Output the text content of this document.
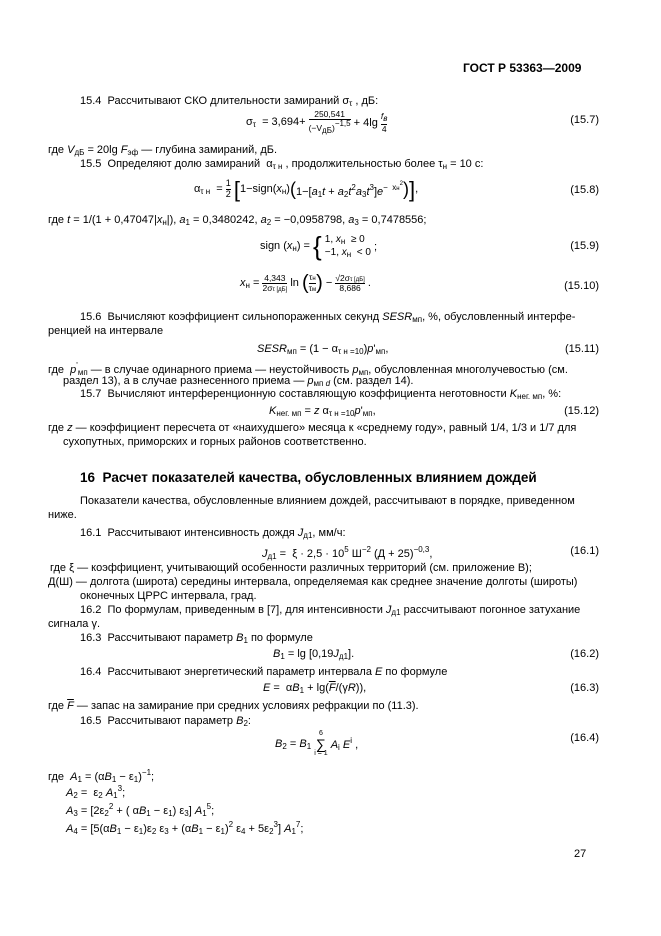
ГОСТ Р 53363—2009
15.4  Рассчитывают СКО длительности замираний $\sigma_\tau$ , дБ:
$\sigma_\tau = 3,694+$
250,541
(−VдБ)−1,5 + 4lg
fв
4
(15.7)
где $V_{дБ} = 20\lg$ $F_{эф}$ — глубина замираний, дБ.
15.5  Определяют долю замираний  $\alpha_{\tau н}$ , продолжительностью более $\tau_н = 10$ с:
$\alpha_{\tau н} = \frac{1}{2}$ $[1-sign(x_н)(1-[a_1t + a_2t^2a_3t^3]e^{- xн^2})]$,	(15.8)
где $t = 1/(1 + 0,47047|x_н|)$, $a_1 = 0,3480242$, $a_2 = -0,0958798$, $a_3 = 0,7478556$;
sign $(x_н)$ = { 1, $x_н \ge 0$
−1, $x_н < 0$ ;	(15.9)
$x_н = 4,343$
2στ [дБ]
ln ( τн
τм ) − √2στ [дБ]
8,686 .	(15.10)
15.6  Вычисляют коэффициент сильнопораженных секунд $SESR_{мп}$, %, обусловленный интерфе-
ренцией на интервале
$SESR_{мп} = (1 - \alpha_{\tau н =10})p'_{мп}$,	(15.11)
где  $p'_{мп}$ — в случае одинарного приема — неустойчивость $p_{мп}$, обусловленная многолучевостью (см.
раздел 13), а в случае разнесенного приема — $p_{мп d}$ (см. раздел 14).
15.7  Вычисляют интерференционную составляющую коэффициента неготовности $K_{нег. мп}$, %:
$K_{нег. мп} = z$ $\alpha_{\tau н =10}p'_{мп}$,	(15.12)
где z — коэффициент пересчета от «наихудшего» месяца к «среднему году», равный 1/4, 1/3 и 1/7 для
сухопутных, приморских и горных районов соответственно.
16 Расчет показателей качества, обусловленных влиянием дождей
Показатели качества, обусловленные влиянием дождей, рассчитывают в порядке, приведенном
ниже.
16.1  Рассчитывают интенсивность дождя $J_{д1}$, мм/ч:
$J_{д1} = \xi \cdot 2,5 \cdot 10^5$ $Ш^{-2}$ $(Д + 25)^{-0,3}$,	(16.1)
где ξ — коэффициент, учитывающий особенности различных территорий (см. приложение В);
Д(Ш) — долгота (широта) середины интервала, определяемая как среднее значение долготы (широты)
оконечных ЦРРС интервала, град.
16.2  По формулам, приведенным в [7], для интенсивности $J_{д1}$ рассчитывают погонное затухание
сигнала γ.
16.3  Рассчитывают параметр $B_1$ по формуле
$B_1 = \lg [0,19J_{д1}]$.	(16.2)
16.4  Рассчитывают энергетический параметр интервала E по формуле
$E = \alpha B_1 + \lg(\overline{F}/(\gamma R))$,	(16.3)
где $\overline{F}$ — запас на замирание при средних условиях рефракции по (11.3).
16.5  Рассчитывают параметр $B_2$:
$B_2 = B_1$
6
∑
i = 1
$A_i$ $E^i$ ,
(16.4)
где  $A_1 = (\alpha B_1 - \varepsilon_1)^{-1}$;
$A_2 = \varepsilon_2$ $A_1^3$;
$A_3 = [2\varepsilon_2^2$ + ( $\alpha B_1 - \varepsilon_1$) $\varepsilon_3$] $A_1^5$;
$A_4 = [5(\alpha B_1 - \varepsilon_1)\varepsilon_2$ $\varepsilon_3 + (\alpha B_1 - \varepsilon_1)^2$ $\varepsilon_4 + 5\varepsilon_2^3$] $A_1^7$;
27
